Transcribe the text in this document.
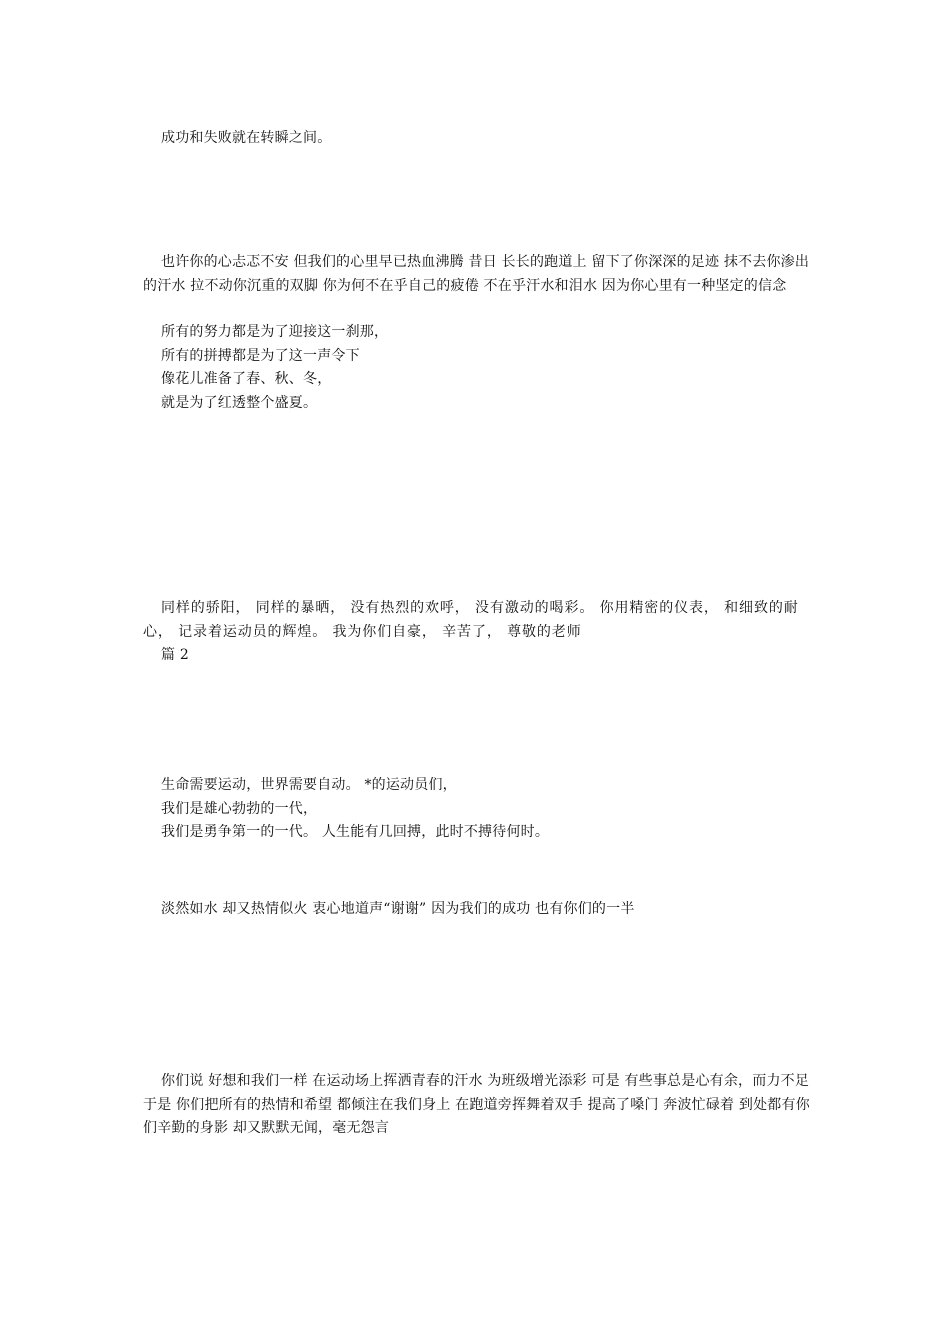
成功和失败就在转瞬之间。

也许你的心忐忑不安 但我们的心里早已热血沸腾 昔日 长长的跑道上 留下了你深深的足迹 抹不去你渗出的汗水 拉不动你沉重的双脚 你为何不在乎自己的疲倦 不在乎汗水和泪水 因为你心里有一种坚定的信念

所有的努力都是为了迎接这一刹那，

所有的拼搏都是为了这一声令下

像花儿准备了春、秋、冬，

就是为了红透整个盛夏。

同样的骄阳， 同样的暴晒， 没有热烈的欢呼， 没有激动的喝彩。 你用精密的仪表， 和细致的耐心， 记录着运动员的辉煌。 我为你们自豪， 辛苦了， 尊敬的老师

篇 2

生命需要运动，世界需要自动。 *的运动员们，

我们是雄心勃勃的一代，

我们是勇争第一的一代。 人生能有几回搏，此时不搏待何时。

淡然如水 却又热情似火 衷心地道声“谢谢” 因为我们的成功 也有你们的一半

你们说 好想和我们一样 在运动场上挥洒青春的汗水 为班级增光添彩 可是 有些事总是心有余，而力不足 于是 你们把所有的热情和希望 都倾注在我们身上 在跑道旁挥舞着双手 提高了嗓门 奔波忙碌着 到处都有你们辛勤的身影 却又默默无闻，毫无怨言
